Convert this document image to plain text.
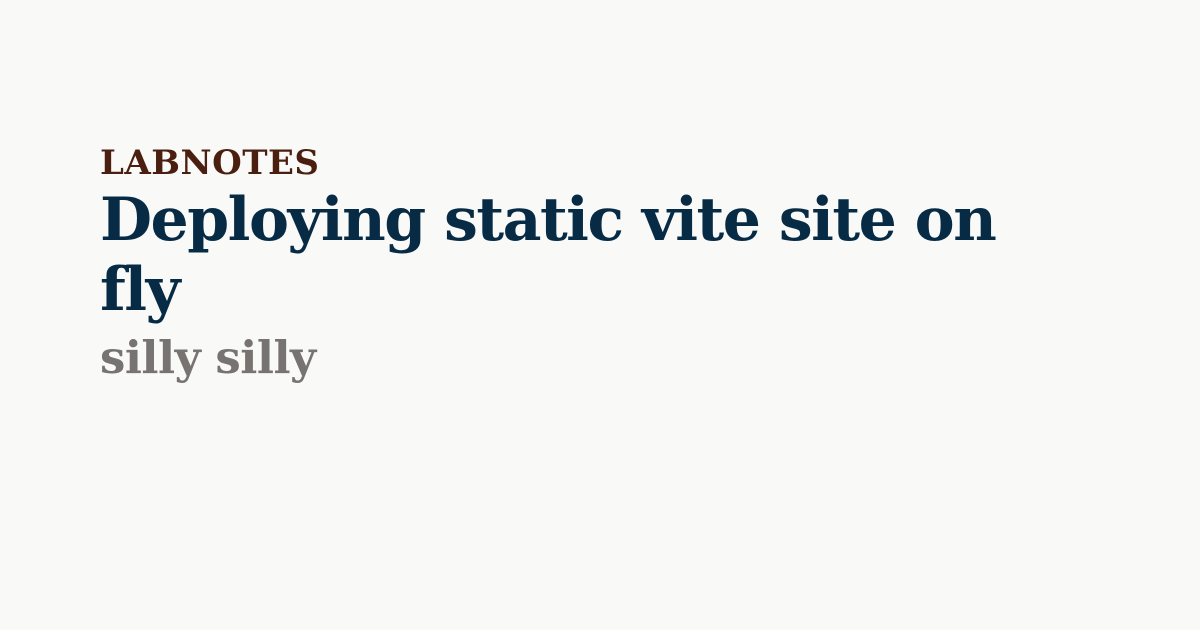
LABNOTES

Deploying static vite site on fly

silly silly
